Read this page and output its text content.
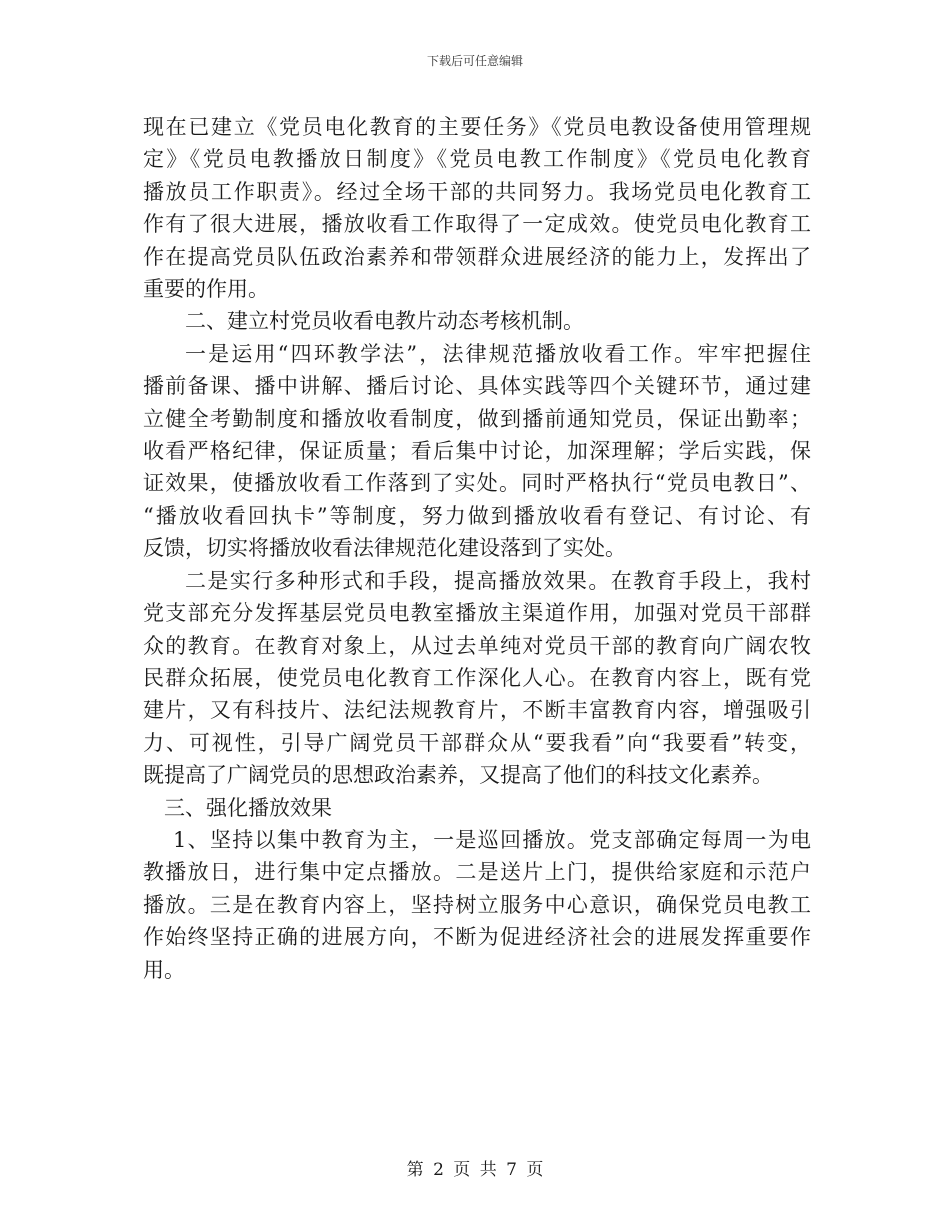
下载后可任意编辑
现在已建立《党员电化教育的主要任务》《党员电教设备使用管理规
定》《党员电教播放日制度》《党员电教工作制度》《党员电化教育
播放员工作职责》。经过全场干部的共同努力。我场党员电化教育工
作有了很大进展，播放收看工作取得了一定成效。使党员电化教育工
作在提高党员队伍政治素养和带领群众进展经济的能力上，发挥出了
重要的作用。
二、建立村党员收看电教片动态考核机制。
一是运用“四环教学法”，法律规范播放收看工作。牢牢把握住
播前备课、播中讲解、播后讨论、具体实践等四个关键环节，通过建
立健全考勤制度和播放收看制度，做到播前通知党员，保证出勤率；
收看严格纪律，保证质量；看后集中讨论，加深理解；学后实践，保
证效果，使播放收看工作落到了实处。同时严格执行“党员电教日”、
“播放收看回执卡”等制度，努力做到播放收看有登记、有讨论、有
反馈，切实将播放收看法律规范化建设落到了实处。
二是实行多种形式和手段，提高播放效果。在教育手段上，我村
党支部充分发挥基层党员电教室播放主渠道作用，加强对党员干部群
众的教育。在教育对象上，从过去单纯对党员干部的教育向广阔农牧
民群众拓展，使党员电化教育工作深化人心。在教育内容上，既有党
建片，又有科技片、法纪法规教育片，不断丰富教育内容，增强吸引
力、可视性，引导广阔党员干部群众从“要我看”向“我要看”转变，
既提高了广阔党员的思想政治素养，又提高了他们的科技文化素养。
三、强化播放效果
1、坚持以集中教育为主，一是巡回播放。党支部确定每周一为电
教播放日，进行集中定点播放。二是送片上门，提供给家庭和示范户
播放。三是在教育内容上，坚持树立服务中心意识，确保党员电教工
作始终坚持正确的进展方向，不断为促进经济社会的进展发挥重要作
用。
第 2 页 共 7 页
